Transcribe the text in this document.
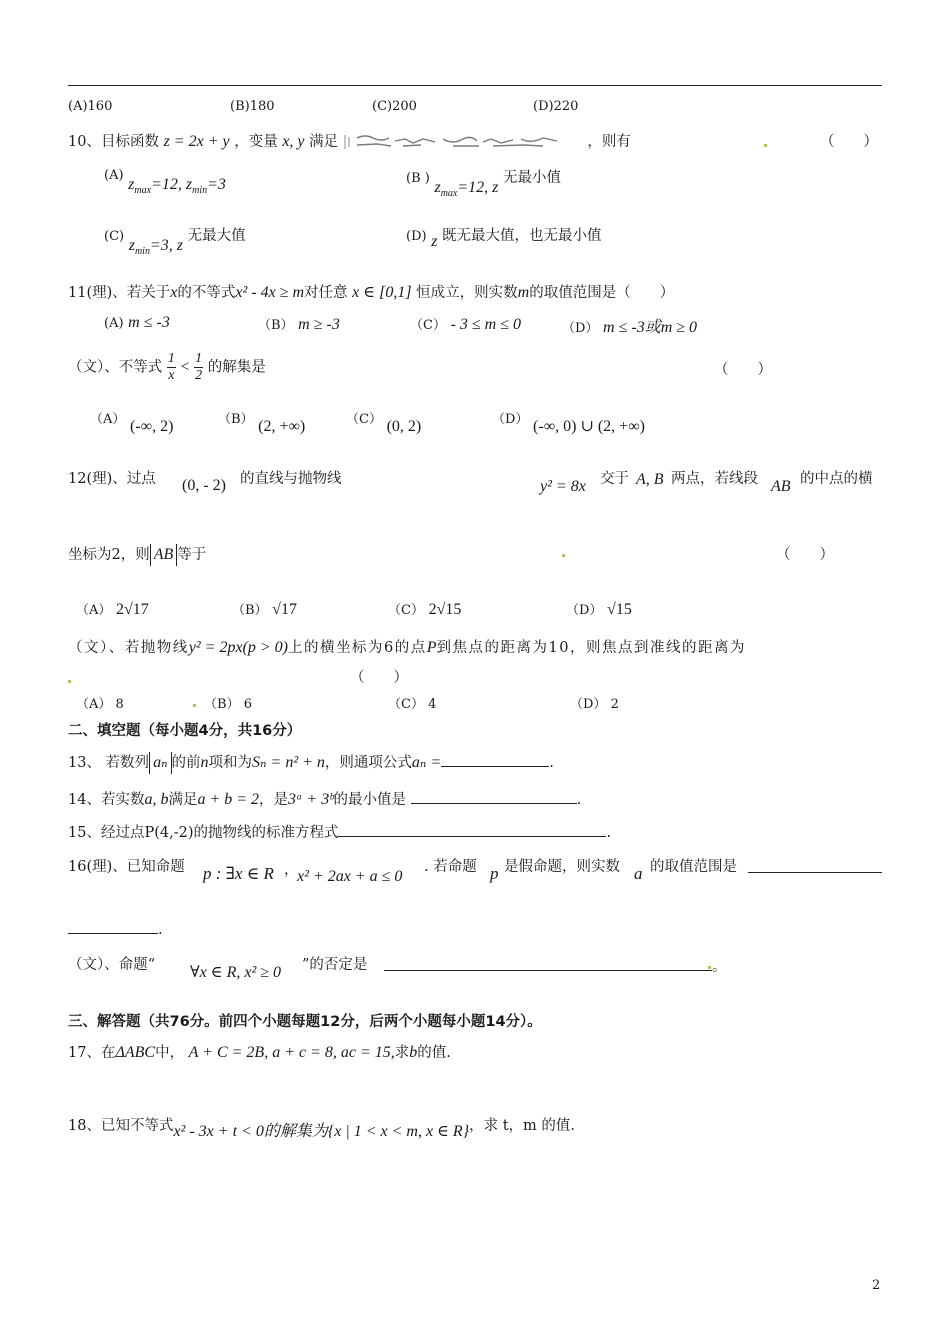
(A)160	(B)180	(C)200	(D)220
10、目标函数 z = 2x + y ，变量 x, y 满足	，则有	（　　）
(A) $z_{max}=12$, $z_{min}=3$	(B ) $z_{max}=12$, z 无最小值
(C) $z_{min}=3$, z 无最大值	(D) z 既无最大值，也无最小值
11(理)、若关于x的不等式x² - 4x ≥ m对任意 x ∈ [0,1] 恒成立，则实数m的取值范围是（　　）
(A) m ≤ -3	（B） m ≥ -3	（C） - 3 ≤ m ≤ 0	（D） m ≤ -3或m ≥ 0
（文）、不等式 $\frac{1}{x} < \frac{1}{2}$ 的解集是	（　　）
（A） (-∞, 2)	（B） (2, +∞)	（C） (0, 2)	（D） (-∞, 0) ∪ (2, +∞)
12(理)、过点 (0, - 2) 的直线与抛物线	y² = 8x 交于 A, B 两点，若线段 AB 的中点的横
坐标为2，则 AB 等于	（　　）
（A） 2√17	（B） √17	（C） 2√15	（D） √15
（文）、若抛物线y² = 2px(p > 0)上的横坐标为6的点P到焦点的距离为10，则焦点到准线的距离为
（　　）
（A） 8	（B） 6	（C） 4	（D） 2
二、填空题（每小题4分，共16分）
13、 若数列 aₙ 的前n项和为Sₙ = n² + n，则通项公式aₙ =	.
14、若实数a, b满足a + b = 2，是3ᵃ + 3ᵇ的最小值是	.
15、经过点P(4,-2)的抛物线的标准方程式	.
16(理)、已知命题 p : ∃x ∈ R ，
x² + 2ax + a ≤ 0
. 若命题 p 是假命题，则实数 a 的取值范围是
.
（文）、命题“ ∀x ∈ R, x² ≥ 0 ”的否定是	。
三、解答题（共76分。前四个小题每题12分，后两个小题每小题14分）。
17、在ΔABC中， A + C = 2B, a + c = 8, ac = 15,求b的值.
18、已知不等式x² - 3x + t < 0的解集为{x | 1 < x < m, x ∈ R}，求 t，m 的值.
2
